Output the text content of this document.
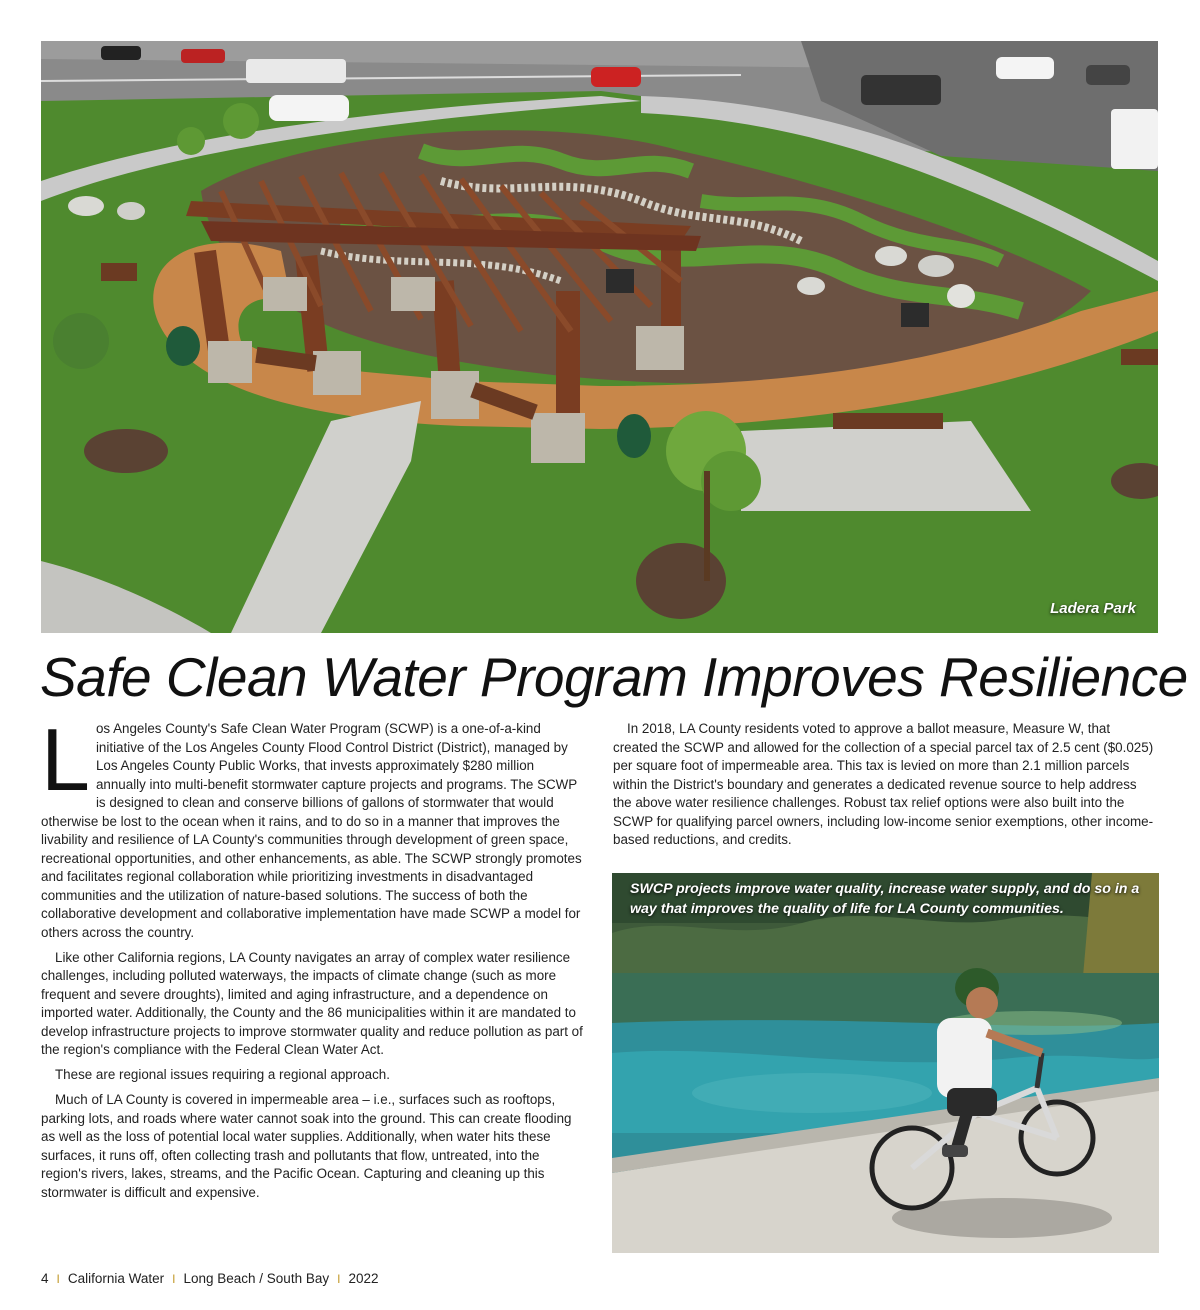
Ladera Park
Safe Clean Water Program Improves Resilience

Los Angeles County's Safe Clean Water Program (SCWP) is a one-of-a-kind initiative of the Los Angeles County Flood Control District (District), managed by Los Angeles County Public Works, that invests approximately $280 million annually into multi-benefit stormwater capture projects and programs. The SCWP is designed to clean and conserve billions of gallons of stormwater that would otherwise be lost to the ocean when it rains, and to do so in a manner that improves the livability and resilience of LA County's communities through development of green space, recreational opportunities, and other enhancements, as able. The SCWP strongly promotes and facilitates regional collaboration while prioritizing investments in disadvantaged communities and the utilization of nature-based solutions. The success of both the collaborative development and collaborative implementation have made SCWP a model for others across the country.

Like other California regions, LA County navigates an array of complex water resilience challenges, including polluted waterways, the impacts of climate change (such as more frequent and severe droughts), limited and aging infrastructure, and a dependence on imported water. Additionally, the County and the 86 municipalities within it are mandated to develop infrastructure projects to improve stormwater quality and reduce pollution as part of the region's compliance with the Federal Clean Water Act.

These are regional issues requiring a regional approach.

Much of LA County is covered in impermeable area – i.e., surfaces such as rooftops, parking lots, and roads where water cannot soak into the ground. This can create flooding as well as the loss of potential local water supplies. Additionally, when water hits these surfaces, it runs off, often collecting trash and pollutants that flow, untreated, into the region's rivers, lakes, streams, and the Pacific Ocean. Capturing and cleaning up this stormwater is difficult and expensive.

In 2018, LA County residents voted to approve a ballot measure, Measure W, that created the SCWP and allowed for the collection of a special parcel tax of 2.5 cent ($0.025) per square foot of impermeable area. This tax is levied on more than 2.1 million parcels within the District's boundary and generates a dedicated revenue source to help address the above water resilience challenges. Robust tax relief options were also built into the SCWP for qualifying parcel owners, including low-income senior exemptions, other income-based reductions, and credits.

SWCP projects improve water quality, increase water supply, and do so in a way that improves the quality of life for LA County communities.
4 I California Water I Long Beach / South Bay I 2022
